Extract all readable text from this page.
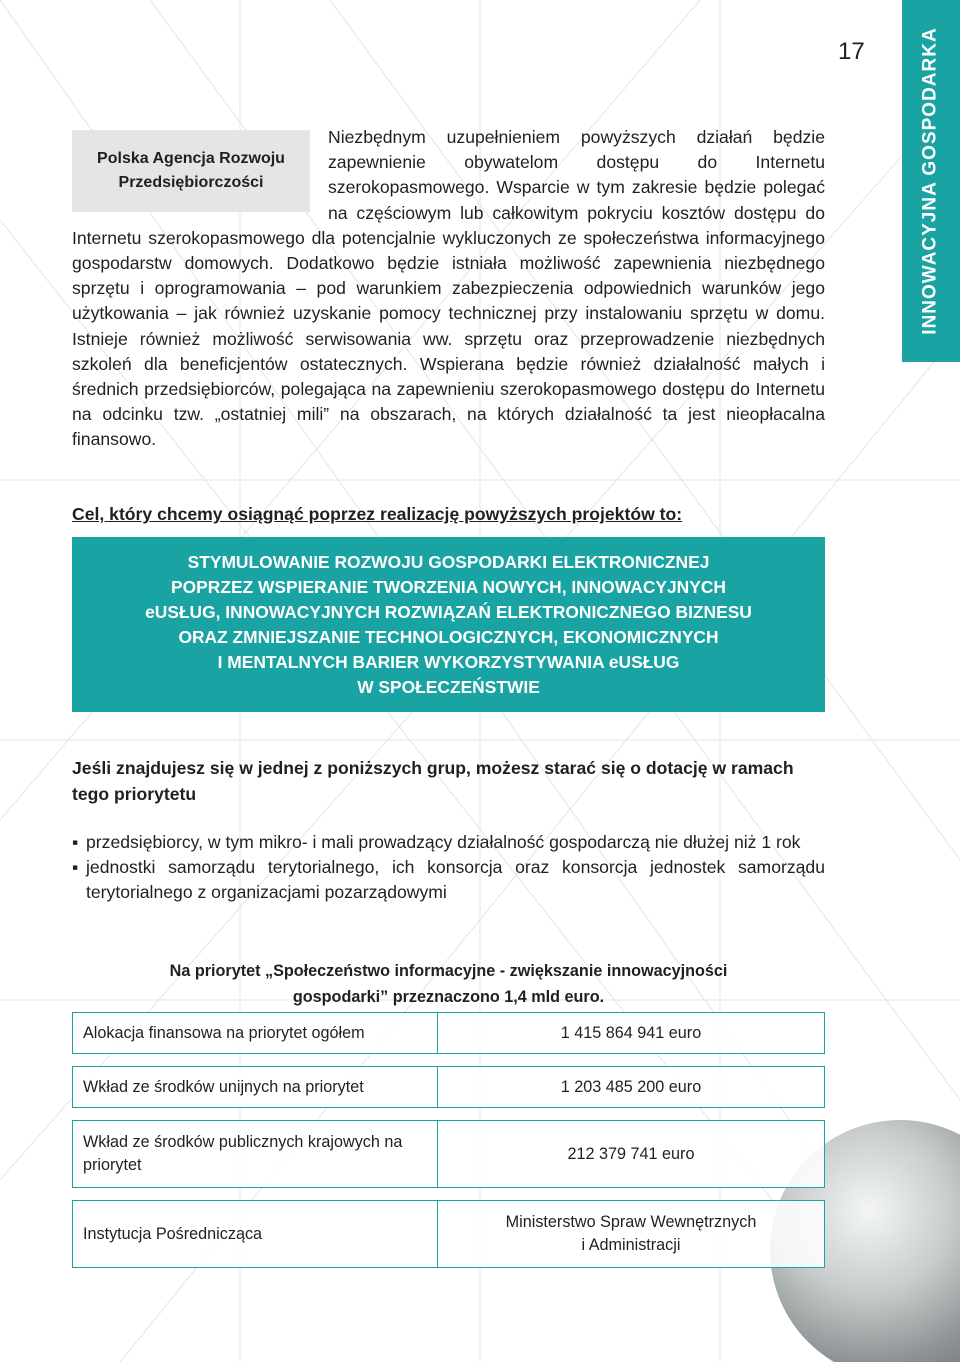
INNOWACYJNA GOSPODARKA
17
Polska Agencja Rozwoju
Przedsiębiorczości
Niezbędnym uzupełnieniem powyższych działań będzie zapewnienie obywatelom dostępu do Internetu szerokopasmowego. Wsparcie w tym zakresie będzie polegać na częściowym lub całkowitym pokryciu kosztów dostępu do Internetu szerokopasmowego dla potencjalnie wykluczonych ze społeczeństwa informacyjnego gospodarstw domowych. Dodatkowo będzie istniała możliwość zapewnienia niezbędnego sprzętu i oprogramowania – pod warunkiem zabezpieczenia odpowiednich warunków jego użytkowania – jak również uzyskanie pomocy technicznej przy instalowaniu sprzętu w domu. Istnieje również możliwość serwisowania ww. sprzętu oraz przeprowadzenie niezbędnych szkoleń dla beneficjentów ostatecznych. Wspierana będzie również działalność małych i średnich przedsiębiorców, polegająca na zapewnieniu szerokopasmowego dostępu do Internetu na odcinku tzw. „ostatniej mili” na obszarach, na których działalność ta jest nieopłacalna finansowo.
Cel, który chcemy osiągnąć poprzez realizację powyższych projektów to:
STYMULOWANIE ROZWOJU GOSPODARKI ELEKTRONICZNEJ
POPRZEZ WSPIERANIE TWORZENIA NOWYCH, INNOWACYJNYCH
eUSŁUG, INNOWACYJNYCH ROZWIĄZAŃ ELEKTRONICZNEGO BIZNESU
ORAZ ZMNIEJSZANIE TECHNOLOGICZNYCH, EKONOMICZNYCH
I MENTALNYCH BARIER WYKORZYSTYWANIA eUSŁUG
W SPOŁECZEŃSTWIE
Jeśli znajdujesz się w jednej z poniższych grup, możesz starać się o dotację w ramach tego priorytetu
▪ przedsiębiorcy, w tym mikro- i mali prowadzący działalność gospodarczą nie dłużej niż 1 rok
▪ jednostki samorządu terytorialnego, ich konsorcja oraz konsorcja jednostek samorządu terytorialnego z organizacjami pozarządowymi
Na priorytet „Społeczeństwo informacyjne - zwiększanie innowacyjności
gospodarki” przeznaczono 1,4 mld euro.
Alokacja finansowa na priorytet ogółem	1 415 864 941 euro

Wkład ze środków unijnych na priorytet	1 203 485 200 euro

Wkład ze środków publicznych krajowych na priorytet	212 379 741 euro

Instytucja Pośrednicząca	Ministerstwo Spraw Wewnętrznych
i Administracji
